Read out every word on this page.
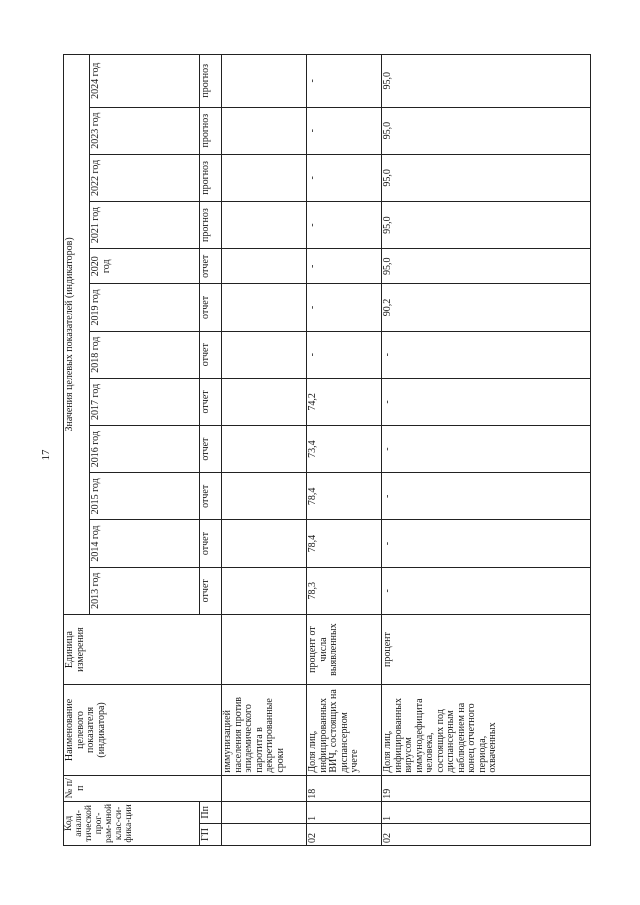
17
Код анали-тической прог-рам-мной клас-си-фика-ции		№ п/п	Наименование целевого показателя (индикатора)	Единица измерения	Значения целевых показателей (индикаторов)											
					2013 год	2014 год	2015 год	2016 год	2017 год	2018 год	2019 год	2020 год	2021 год	2022 год	2023 год	2024 год
ГП	Пп				отчет	отчет	отчет	отчет	отчет	отчет	отчет	отчет	прогноз	прогноз	прогноз	прогноз
			иммунизацией населения против эпидемического паротита в декретированные сроки													
02	1	18	Доля лиц, инфицированных ВИЧ, состоящих на диспансерном учете	процент от числа выявленных	78,3	78,4	78,4	73,4	74,2	-	-	-	-	-	-	-
02	1	19	Доля лиц, инфицированных вирусом иммунодефицита человека, состоящих под диспансерным наблюдением на конец отчетного периода, охваченных	процент	-	-	-	-	-	-	90,2	95,0	95,0	95,0	95,0	95,0
